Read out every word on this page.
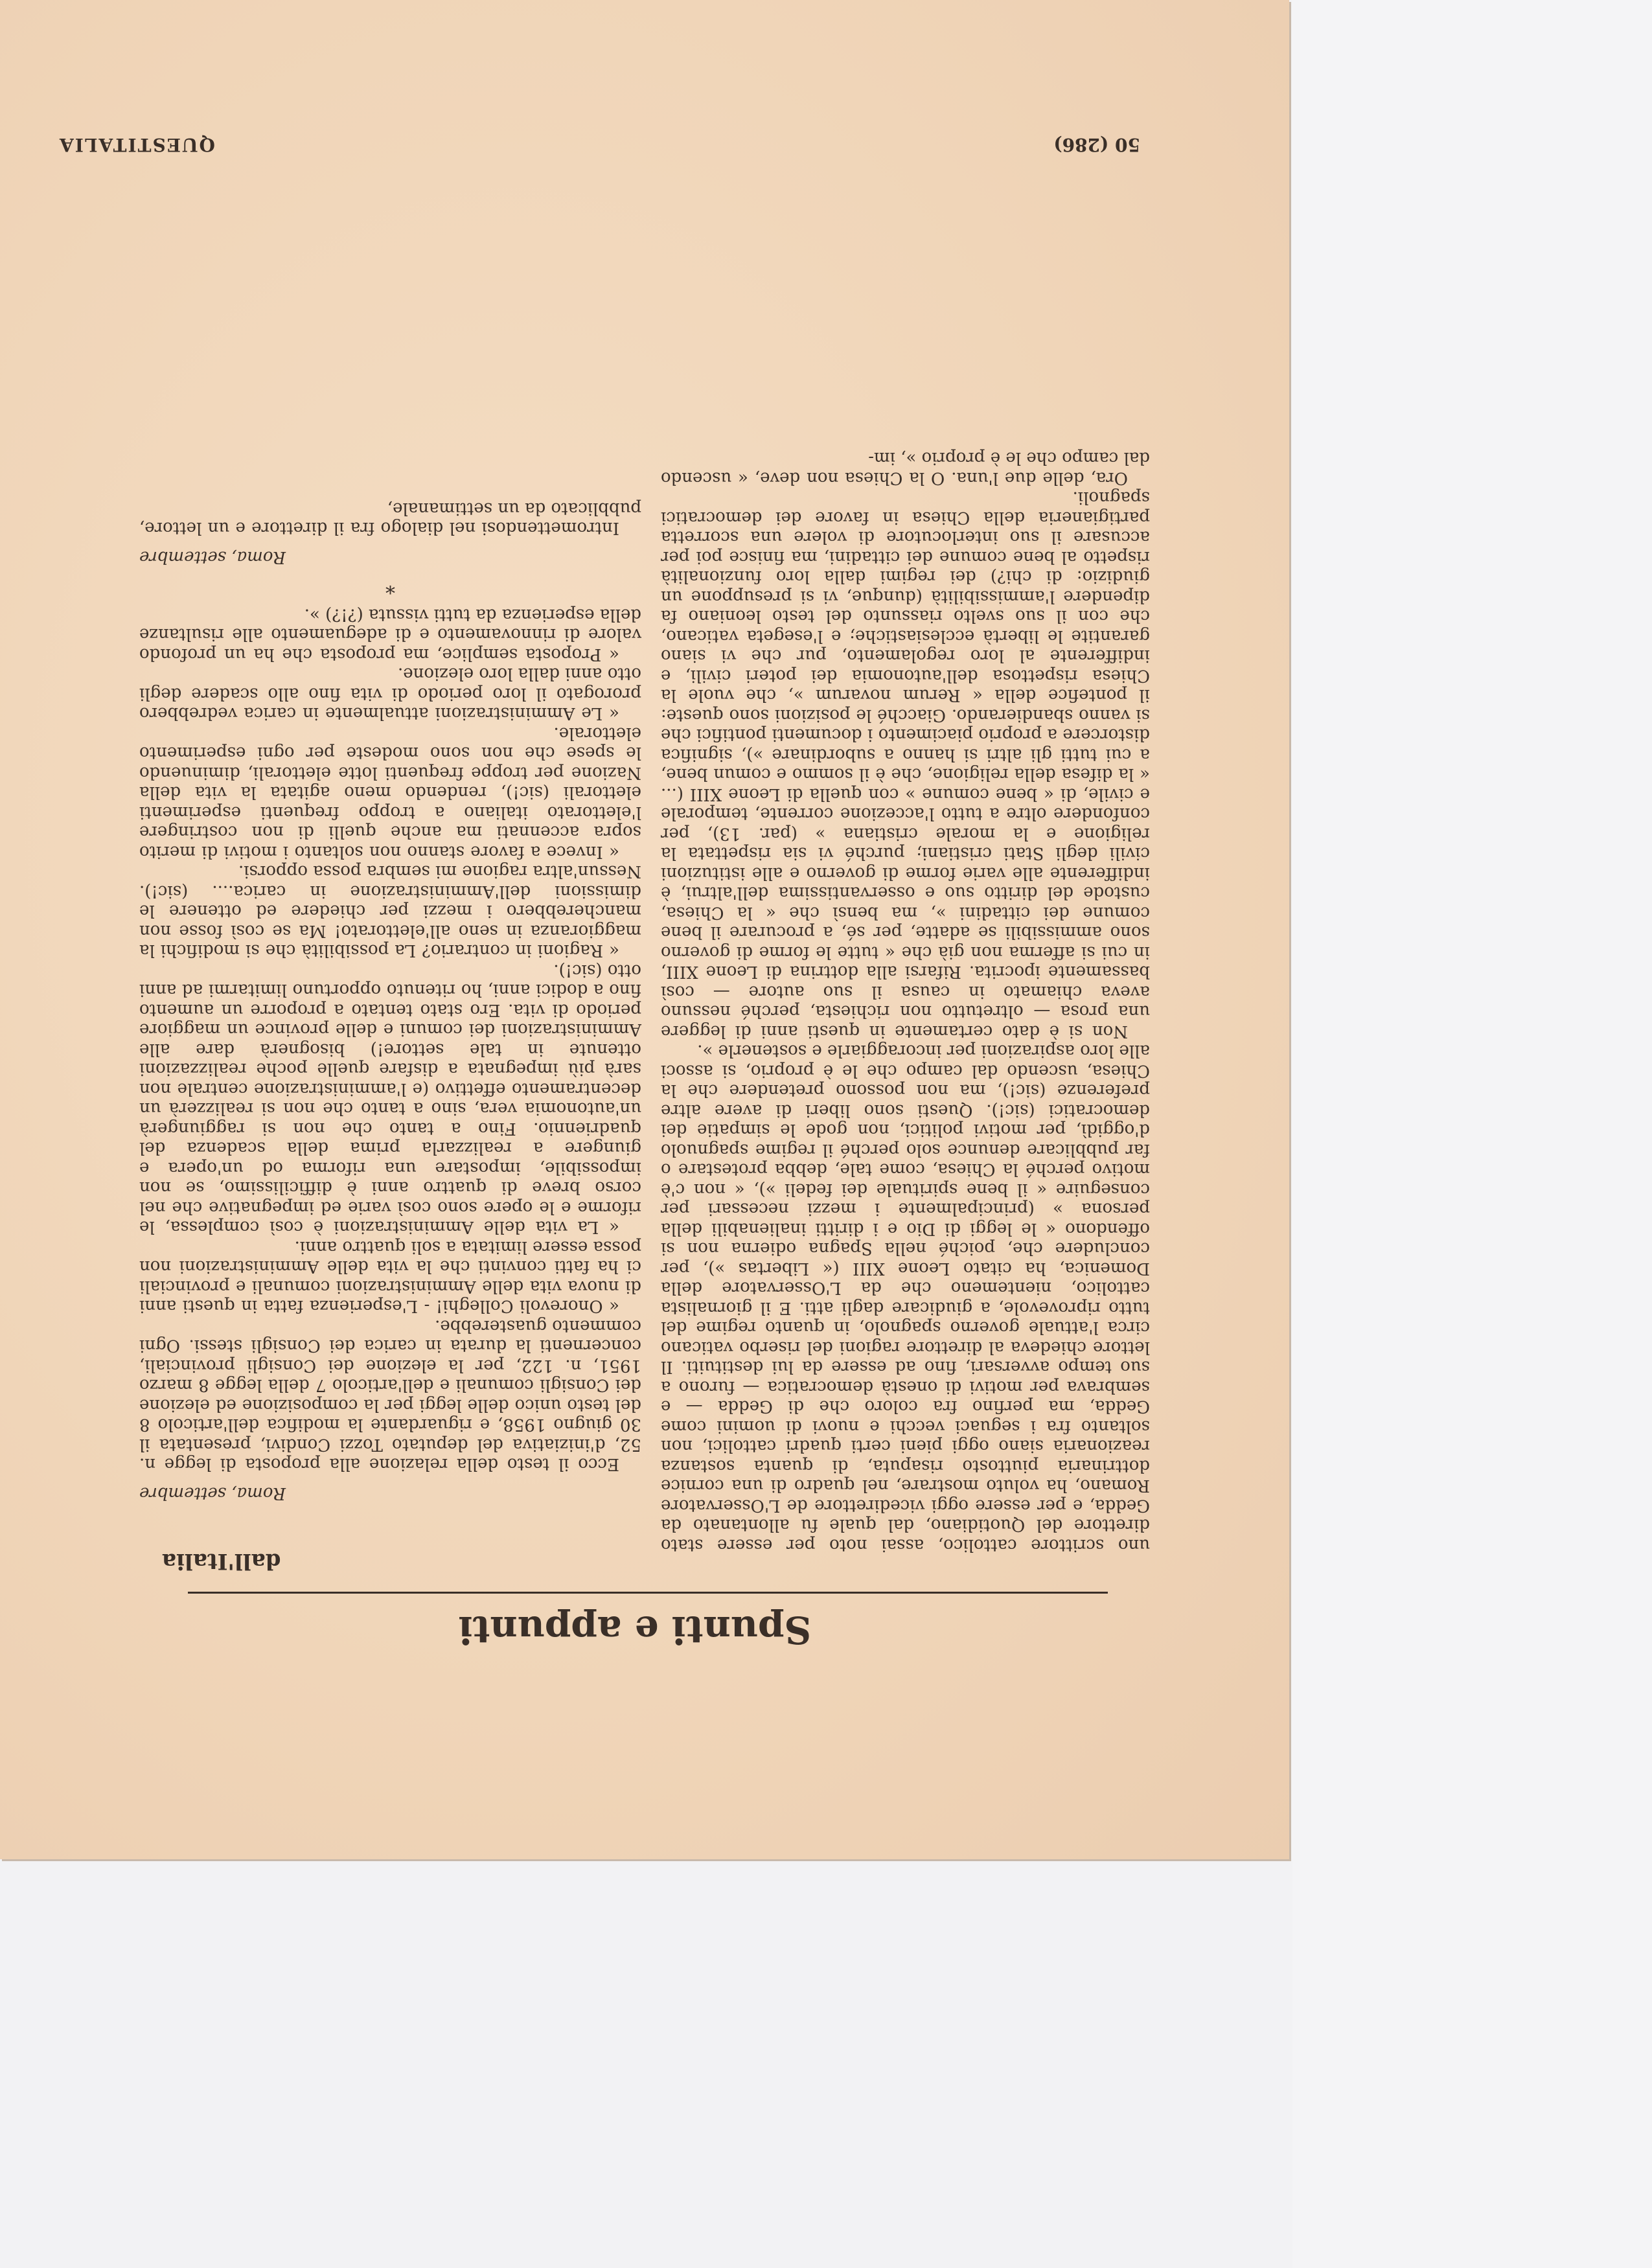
50 (286)
QUESTITALIA
Roma, settembre

Ecco il testo della relazione alla proposta di legge n. 52, d'iniziativa del deputato Tozzi Condivi, presentata il 30 giugno 1958, e riguardante la modifica dell'articolo 8 del testo unico delle leggi per la composizione ed elezione dei Consigli comunali e dell'articolo 7 della legge 8 marzo 1951, n. 122, per la elezione dei Consigli provinciali, concernenti la durata in carica dei Consigli stessi. Ogni commento guasterebbe.

« Onorevoli Colleghi! - L'esperienza fatta in questi anni di nuova vita delle Amministrazioni comunali e provinciali ci ha fatti convinti che la vita delle Amministrazioni non possa essere limitata a soli quattro anni.

« La vita delle Amministrazioni è così complessa, le riforme e le opere sono così varie ed impegnative che nel corso breve di quattro anni è difficilissimo, se non impossibile, impostare una riforma od un'opera e giungere a realizzarla prima della scadenza del quadriennio. Fino a tanto che non si raggiungerà un'autonomia vera, sino a tanto che non si realizzerà un decentramento effettivo (e l'amministrazione centrale non sarà più impegnata a disfare quelle poche realizzazioni ottenute in tale settore!) bisognerà dare alle Amministrazioni dei comuni e delle province un maggiore periodo di vita. Ero stato tentato a proporre un aumento fino a dodici anni, ho ritenuto opportuno limitarmi ad anni otto (sic!).

« Ragioni in contrario? La possibilità che si modifichi la maggioranza in seno all'elettorato! Ma se così fosse non mancherebbero i mezzi per chiedere ed ottenere le dimissioni dell'Amministrazione in carica.... (sic!). Nessun'altra ragione mi sembra possa opporsi.

« Invece a favore stanno non soltanto i motivi di merito sopra accennati ma anche quelli di non costringere l'elettorato italiano a troppo frequenti esperimenti elettorali (sic!), rendendo meno agitata la vita della Nazione per troppe frequenti lotte elettorali, diminuendo le spese che non sono modeste per ogni esperimento elettorale.

« Le Amministrazioni attualmente in carica vedrebbero prorogato il loro periodo di vita fino allo scadere degli otto anni dalla loro elezione.

« Proposta semplice, ma proposta che ha un profondo valore di rinnovamento e di adeguamento alle risultanze della esperienza da tutti vissuta (?!?) ».

*
Roma, settembre

Intromettendosi nel dialogo fra il direttore e un lettore, pubblicato da un settimanale,

uno scrittore cattolico, assai noto per essere stato direttore del Quotidiano, dal quale fu allontanato da Gedda, e per essere oggi vicedirettore de L'Osservatore Romano, ha voluto mostrare, nel quadro di una cornice dottrinaria piuttosto risaputa, di quanta sostanza reazionaria siano oggi pieni certi quadri cattolici, non soltanto fra i seguaci vecchi e nuovi di uomini come Gedda, ma perfino fra coloro che di Gedda — e sembrava per motivi di onestà democratica — furono a suo tempo avversari, fino ad essere da lui destituiti. Il lettore chiedeva al direttore ragioni del riserbo vaticano circa l'attuale governo spagnolo, in quanto regime del tutto riprovevole, a giudicare dagli atti. E il giornalista cattolico, nientemeno che da L'Osservatore della Domenica, ha citato Leone XIII (« Libertas »), per concludere che, poiché nella Spagna odierna non si offendono « le leggi di Dio e i diritti inalienabili della persona » (principalmente i mezzi necessari per conseguire « il bene spirituale dei fedeli »), « non c'è motivo perché la Chiesa, come tale, debba protestare o far pubblicare denunce solo perché il regime spagnuolo d'oggidì, per motivi politici, non gode le simpatie dei democratici (sic!). Questi sono liberi di avere altre preferenze (sic!), ma non possono pretendere che la Chiesa, uscendo dal campo che le è proprio, si associ alle loro aspirazioni per incoraggiarle e sostenerle ».

Non si è dato certamente in questi anni di leggere una prosa — oltretutto non richiesta, perché nessuno aveva chiamato in causa il suo autore — così bassamente ipocrita. Rifarsi alla dottrina di Leone XIII, in cui si afferma non già che « tutte le forme di governo sono ammissibili se adatte, per sé, a procurare il bene comune dei cittadini », ma bensì che « la Chiesa, custode del diritto suo e osservantissima dell'altrui, è indifferente alle varie forme di governo e alle istituzioni civili degli Stati cristiani; purché vi sia rispettata la religione e la morale cristiana » (par. 13), per confondere oltre a tutto l'accezione corrente, temporale e civile, di « bene comune » con quella di Leone XIII (... « la difesa della religione, che è il sommo e comun bene, a cui tutti gli altri si hanno a subordinare »), significa distorcere a proprio piacimento i documenti pontifici che si vanno sbandierando. Giacché le posizioni sono queste: il pontefice della « Rerum novarum », che vuole la Chiesa rispettosa dell'autonomia dei poteri civili, e indifferente al loro regolamento, pur che vi siano garantite le libertà ecclesiastiche; e l'esegeta vaticano, che con il suo svelto riassunto del testo leoniano fa dipendere l'ammissibilità (dunque, vi si presuppone un giudizio: di chi?) dei regimi dalla loro funzionalità rispetto al bene comune dei cittadini, ma finisce poi per accusare il suo interlocutore di volere una scorretta partigianeria della Chiesa in favore dei democratici spagnoli.

Ora, delle due l'una. O la Chiesa non deve, « uscendo dal campo che le è proprio », im-

Spunti e appunti
dall'Italia
